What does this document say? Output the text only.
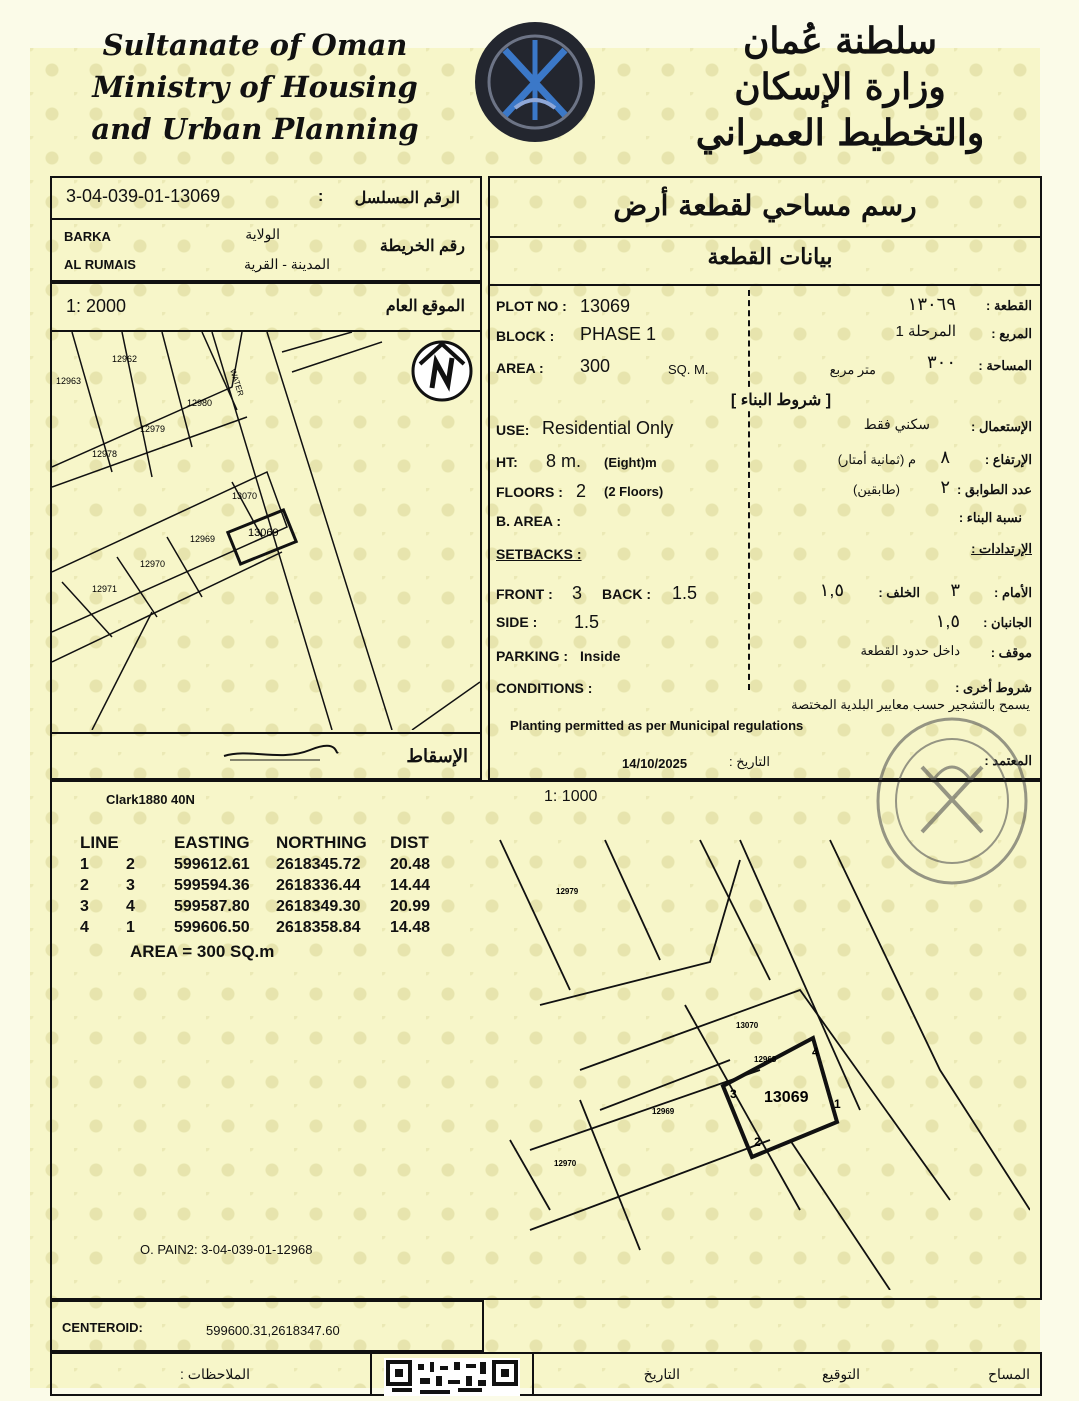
Sultanate of Oman
Ministry of Housing
and Urban Planning
سلطنة عُمان
وزارة الإسكان
والتخطيط العمراني
3-04-039-01-13069	:	الرقم المسلسل
BARKA	الولاية
رقم الخريطة
AL RUMAIS	المدينة - القرية
1: 2000	الموقع العام
الإسقاط
12962
12963
12980
12979
12978
13070
13069
12969
12970
12971
WATER
رسم مساحي لقطعة أرض
بيانات القطعة
PLOT NO : 13069
BLOCK : PHASE 1
AREA : 300	SQ. M.
القطعة :
١٣٠٦٩
المربع :
المرحلة 1
المساحة :
٣٠٠
متر مربع
[ شروط البناء ]
USE: Residential Only
HT: 8 m. (Eight)m
FLOORS : 2 (2 Floors)
B. AREA :
SETBACKS :
FRONT : 3 BACK : 1.5
SIDE : 1.5
PARKING : Inside
CONDITIONS :
Planting permitted as per Municipal regulations
14/10/2025	التاريخ :
الإستعمال :
سكني فقط
الإرتفاع :
٨
م (ثمانية أمتار)
عدد الطوابق :
٢
(طابقين)
نسبة البناء :
الإرتدادات :
الأمام :
٣
الخلف :
١,٥
الجانبان :
١,٥
موقف :
داخل حدود القطعة
شروط أخرى :
يسمح بالتشجير حسب معايير البلدية المختصة
المعتمد :
Clark1880 40N	1: 1000
LINE		EASTING	NORTHING	DIST
1	2	599612.61	2618345.72	20.48
2	3	599594.36	2618336.44	14.44
3	4	599587.80	2618349.30	20.99
4	1	599606.50	2618358.84	14.48
AREA = 300 SQ.m
12979
13070
12969
12970
12968
13069 1
2
3
4
O. PAIN2: 3-04-039-01-12968
CENTEROID:	599600.31,2618347.60
الملاحظات :	التاريخ	التوقيع	المساح
